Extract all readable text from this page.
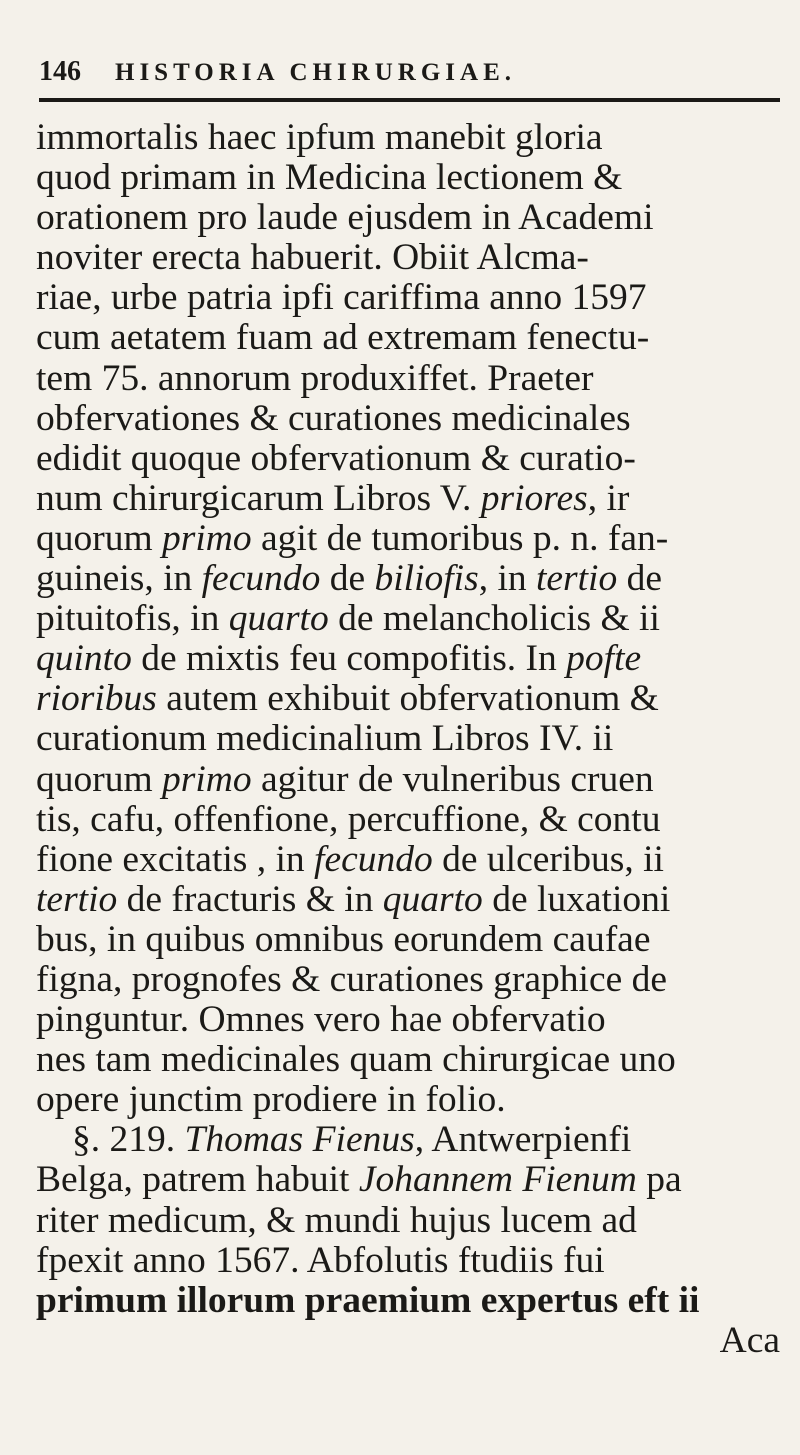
146 HISTORIA CHIRURGIAE.
immortalis haec ipfum manebit gloria
quod primam in Medicina lectionem &
orationem pro laude ejusdem in Academi
noviter erecta habuerit. Obiit Alcma-
riae, urbe patria ipfi cariffima anno 1597
cum aetatem fuam ad extremam fenectu-
tem 75. annorum produxiffet. Praeter
obfervationes & curationes medicinales
edidit quoque obfervationum & curatio-
num chirurgicarum Libros V. priores, ir
quorum primo agit de tumoribus p. n. fan-
guineis, in fecundo de biliofis, in tertio de
pituitofis, in quarto de melancholicis & ii
quinto de mixtis feu compofitis. In pofte
rioribus autem exhibuit obfervationum &
curationum medicinalium Libros IV. ii
quorum primo agitur de vulneribus cruen
tis, cafu, offenfione, percuffione, & contu
fione excitatis , in fecundo de ulceribus, ii
tertio de fracturis & in quarto de luxationi
bus, in quibus omnibus eorundem caufae
figna, prognofes & curationes graphice de
pinguntur. Omnes vero hae obfervatio
nes tam medicinales quam chirurgicae uno
opere junctim prodiere in folio.
§. 219. Thomas Fienus, Antwerpienfi
Belga, patrem habuit Johannem Fienum pa
riter medicum, & mundi hujus lucem ad
fpexit anno 1567. Abfolutis ftudiis fui
primum illorum praemium expertus eft ii
Aca
